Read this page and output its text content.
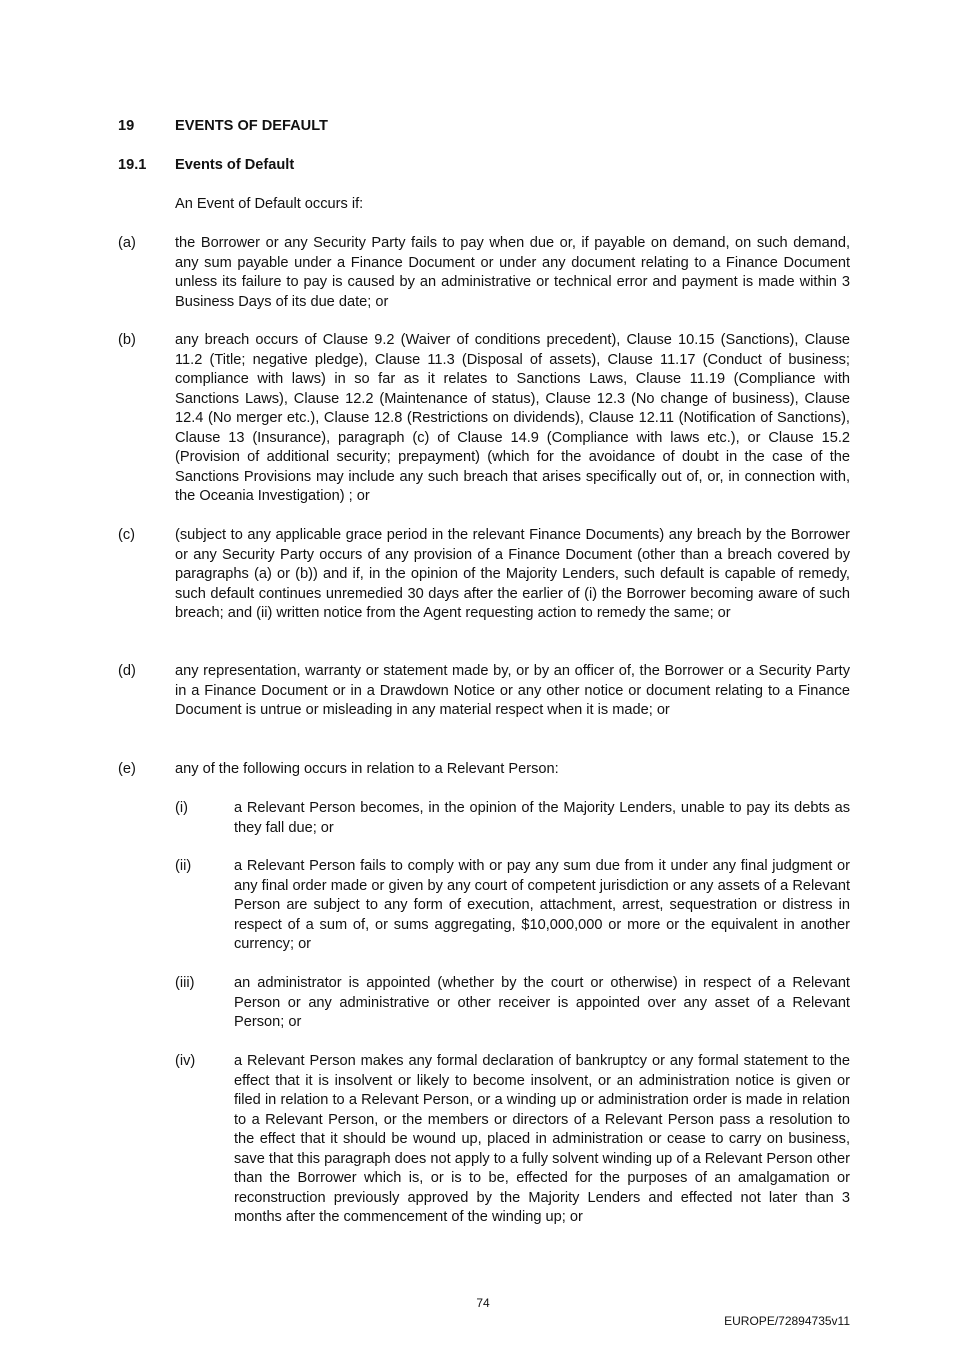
19	EVENTS OF DEFAULT
19.1 Events of Default
An Event of Default occurs if:
(a)	the Borrower or any Security Party fails to pay when due or, if payable on demand, on such demand, any sum payable under a Finance Document or under any document relating to a Finance Document unless its failure to pay is caused by an administrative or technical error and payment is made within 3 Business Days of its due date; or
(b)	any breach occurs of Clause 9.2 (Waiver of conditions precedent), Clause 10.15 (Sanctions), Clause 11.2 (Title; negative pledge), Clause 11.3 (Disposal of assets), Clause 11.17 (Conduct of business; compliance with laws) in so far as it relates to Sanctions Laws, Clause 11.19 (Compliance with Sanctions Laws), Clause 12.2 (Maintenance of status), Clause 12.3 (No change of business), Clause 12.4 (No merger etc.), Clause 12.8 (Restrictions on dividends), Clause 12.11 (Notification of Sanctions), Clause 13 (Insurance), paragraph (c) of Clause 14.9 (Compliance with laws etc.), or Clause 15.2 (Provision of additional security; prepayment) (which for the avoidance of doubt in the case of the Sanctions Provisions may include any such breach that arises specifically out of, or, in connection with, the Oceania Investigation) ; or
(c)	(subject to any applicable grace period in the relevant Finance Documents) any breach by the Borrower or any Security Party occurs of any provision of a Finance Document (other than a breach covered by paragraphs (a) or (b)) and if, in the opinion of the Majority Lenders, such default is capable of remedy, such default continues unremedied 30 days after the earlier of (i) the Borrower becoming aware of such breach; and (ii) written notice from the Agent requesting action to remedy the same; or
(d)	any representation, warranty or statement made by, or by an officer of, the Borrower or a Security Party in a Finance Document or in a Drawdown Notice or any other notice or document relating to a Finance Document is untrue or misleading in any material respect when it is made; or
(e)	any of the following occurs in relation to a Relevant Person:
(i)	a Relevant Person becomes, in the opinion of the Majority Lenders, unable to pay its debts as they fall due; or
(ii)	a Relevant Person fails to comply with or pay any sum due from it under any final judgment or any final order made or given by any court of competent jurisdiction or any assets of a Relevant Person are subject to any form of execution, attachment, arrest, sequestration or distress in respect of a sum of, or sums aggregating, $10,000,000 or more or the equivalent in another currency; or
(iii)	an administrator is appointed (whether by the court or otherwise) in respect of a Relevant Person or any administrative or other receiver is appointed over any asset of a Relevant Person; or
(iv)	a Relevant Person makes any formal declaration of bankruptcy or any formal statement to the effect that it is insolvent or likely to become insolvent, or an administration notice is given or filed in relation to a Relevant Person, or a winding up or administration order is made in relation to a Relevant Person, or the members or directors of a Relevant Person pass a resolution to the effect that it should be wound up, placed in administration or cease to carry on business, save that this paragraph does not apply to a fully solvent winding up of a Relevant Person other than the Borrower which is, or is to be, effected for the purposes of an amalgamation or reconstruction previously approved by the Majority Lenders and effected not later than 3 months after the commencement of the winding up; or
74
EUROPE/72894735v11
